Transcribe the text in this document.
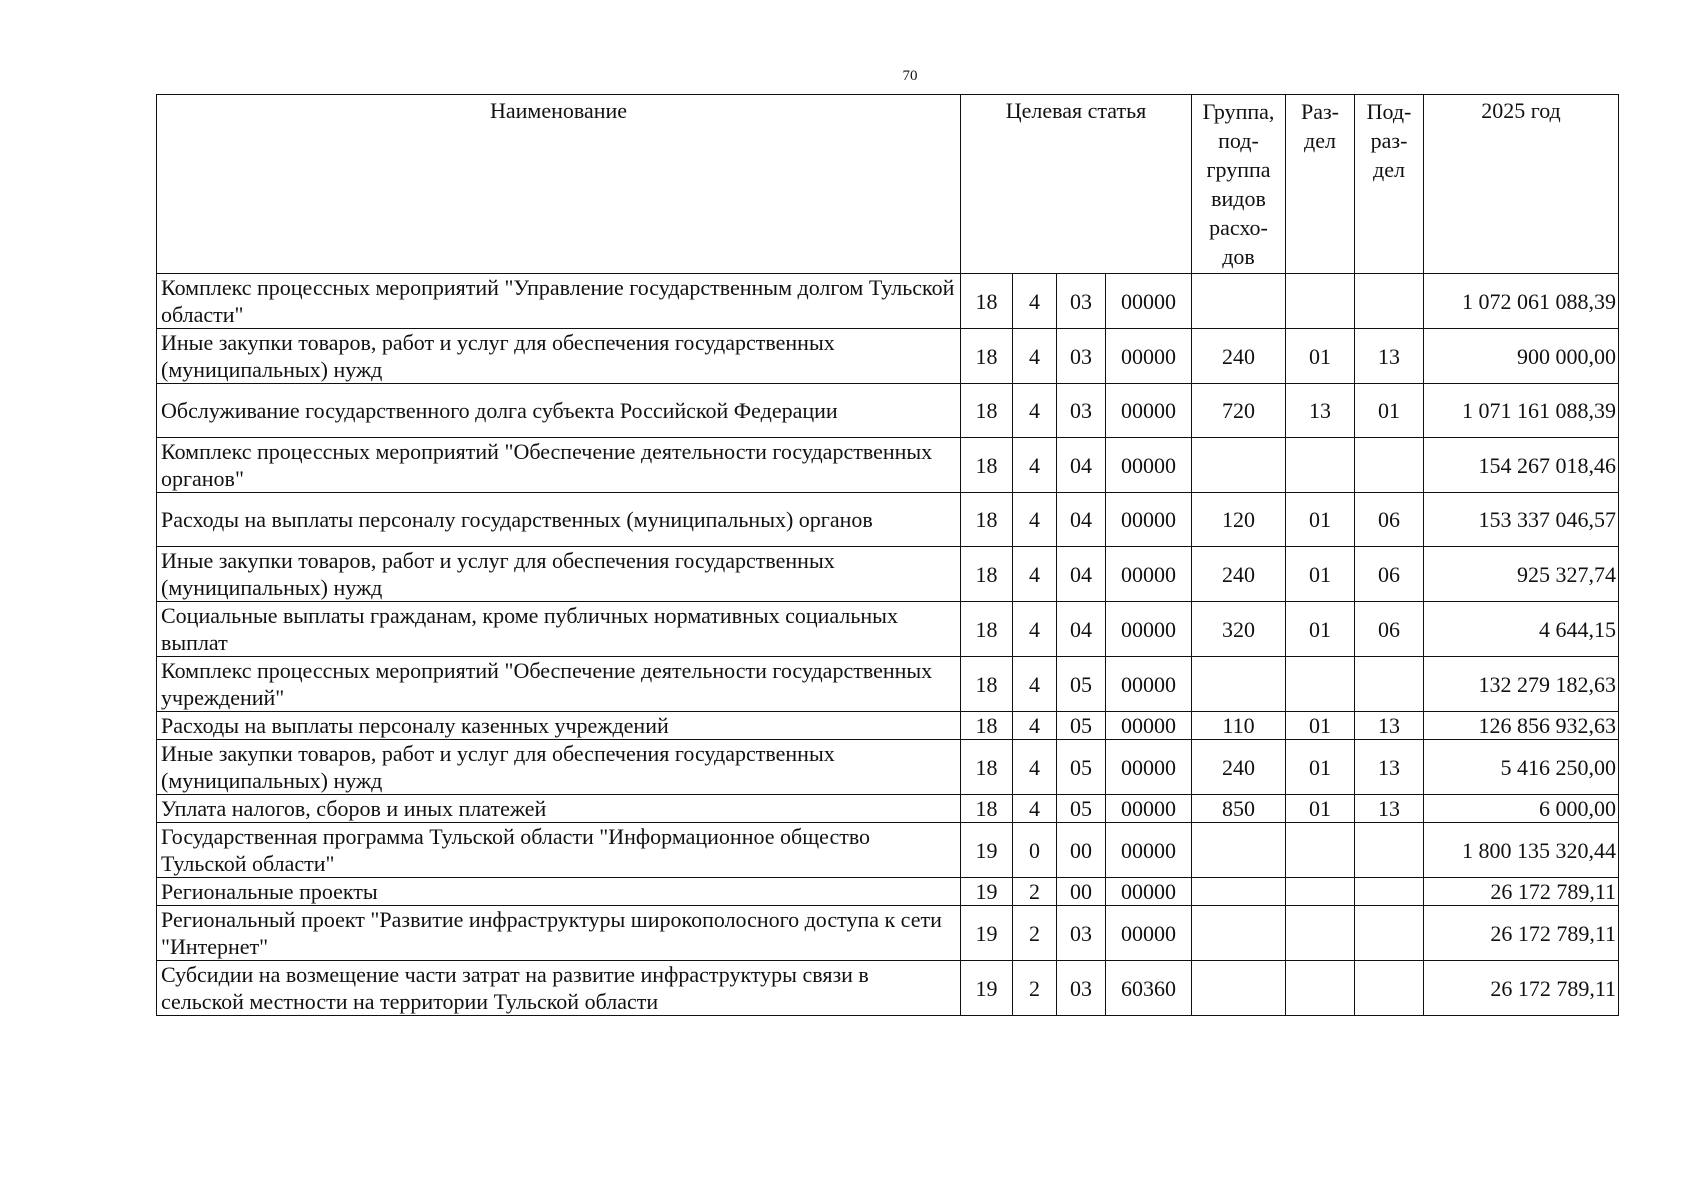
70
Наименование	Целевая статья				Группа, под-группа видов расхо-дов	Раз-дел	Под-раз-дел	2025 год
Комплекс процессных мероприятий "Управление государственным долгом Тульской области"	18	4	03	00000				1 072 061 088,39
Иные закупки товаров, работ и услуг для обеспечения государственных (муниципальных) нужд	18	4	03	00000	240	01	13	900 000,00
Обслуживание государственного долга субъекта Российской Федерации	18	4	03	00000	720	13	01	1 071 161 088,39
Комплекс процессных мероприятий "Обеспечение деятельности государственных органов"	18	4	04	00000				154 267 018,46
Расходы на выплаты персоналу государственных (муниципальных) органов	18	4	04	00000	120	01	06	153 337 046,57
Иные закупки товаров, работ и услуг для обеспечения государственных (муниципальных) нужд	18	4	04	00000	240	01	06	925 327,74
Социальные выплаты гражданам, кроме публичных нормативных социальных выплат	18	4	04	00000	320	01	06	4 644,15
Комплекс процессных мероприятий "Обеспечение деятельности государственных учреждений"	18	4	05	00000				132 279 182,63
Расходы на выплаты персоналу казенных учреждений	18	4	05	00000	110	01	13	126 856 932,63
Иные закупки товаров, работ и услуг для обеспечения государственных (муниципальных) нужд	18	4	05	00000	240	01	13	5 416 250,00
Уплата налогов, сборов и иных платежей	18	4	05	00000	850	01	13	6 000,00
Государственная программа Тульской области "Информационное общество Тульской области"	19	0	00	00000				1 800 135 320,44
Региональные проекты	19	2	00	00000				26 172 789,11
Региональный проект "Развитие инфраструктуры широкополосного доступа к сети "Интернет"	19	2	03	00000				26 172 789,11
Субсидии на возмещение части затрат на развитие инфраструктуры связи в сельской местности на территории Тульской области	19	2	03	60360				26 172 789,11
